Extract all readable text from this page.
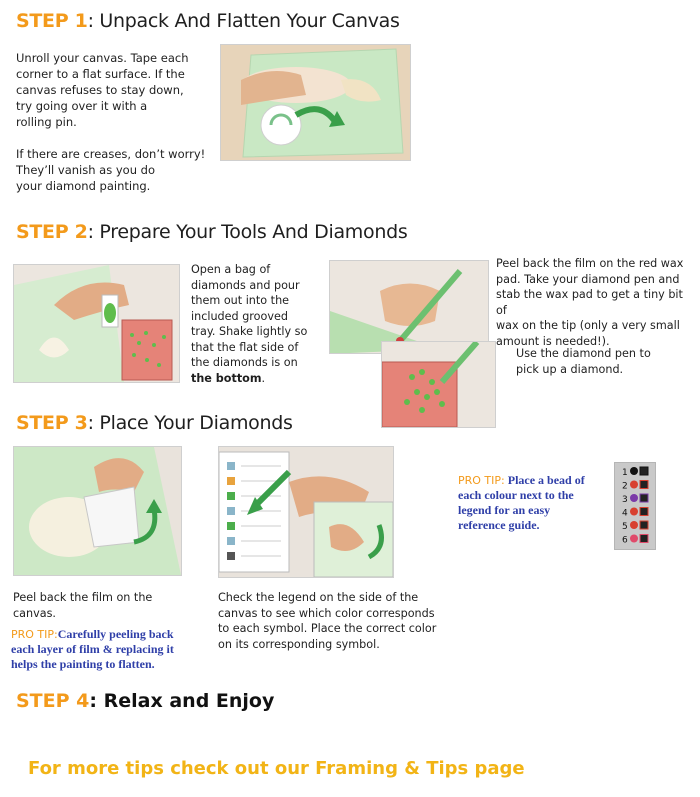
STEP 1: Unpack And Flatten Your Canvas

Unroll your canvas. Tape each

corner to a flat surface. If the

canvas refuses to stay down,

try going over it with a

rolling pin.

If there are creases, don’t worry!

They’ll vanish as you do

your diamond painting.

STEP 2: Prepare Your Tools And Diamonds

Open a bag of

diamonds and pour

them out into the

included grooved

tray. Shake lightly so

that the flat side of

the diamonds is on

the bottom.

Peel back the film on the red wax

pad. Take your diamond pen and

stab the wax pad to get a tiny bit of

wax on the tip (only a very small

amount is needed!).

Use the diamond pen to

pick up a diamond.

STEP 3: Place Your Diamonds

Peel back the film on the

canvas.

PRO TIP:Carefully peeling back
each layer of film & replacing it
helps the painting to flatten.

Check the legend on the side of the

canvas to see which color corresponds

to each symbol. Place the correct color

on its corresponding symbol.

PRO TIP: Place a bead of
each colour next to the
legend for an easy
reference guide.
1
2
3
4
5
6
STEP 4: Relax and Enjoy
For more tips check out our Framing & Tips page
